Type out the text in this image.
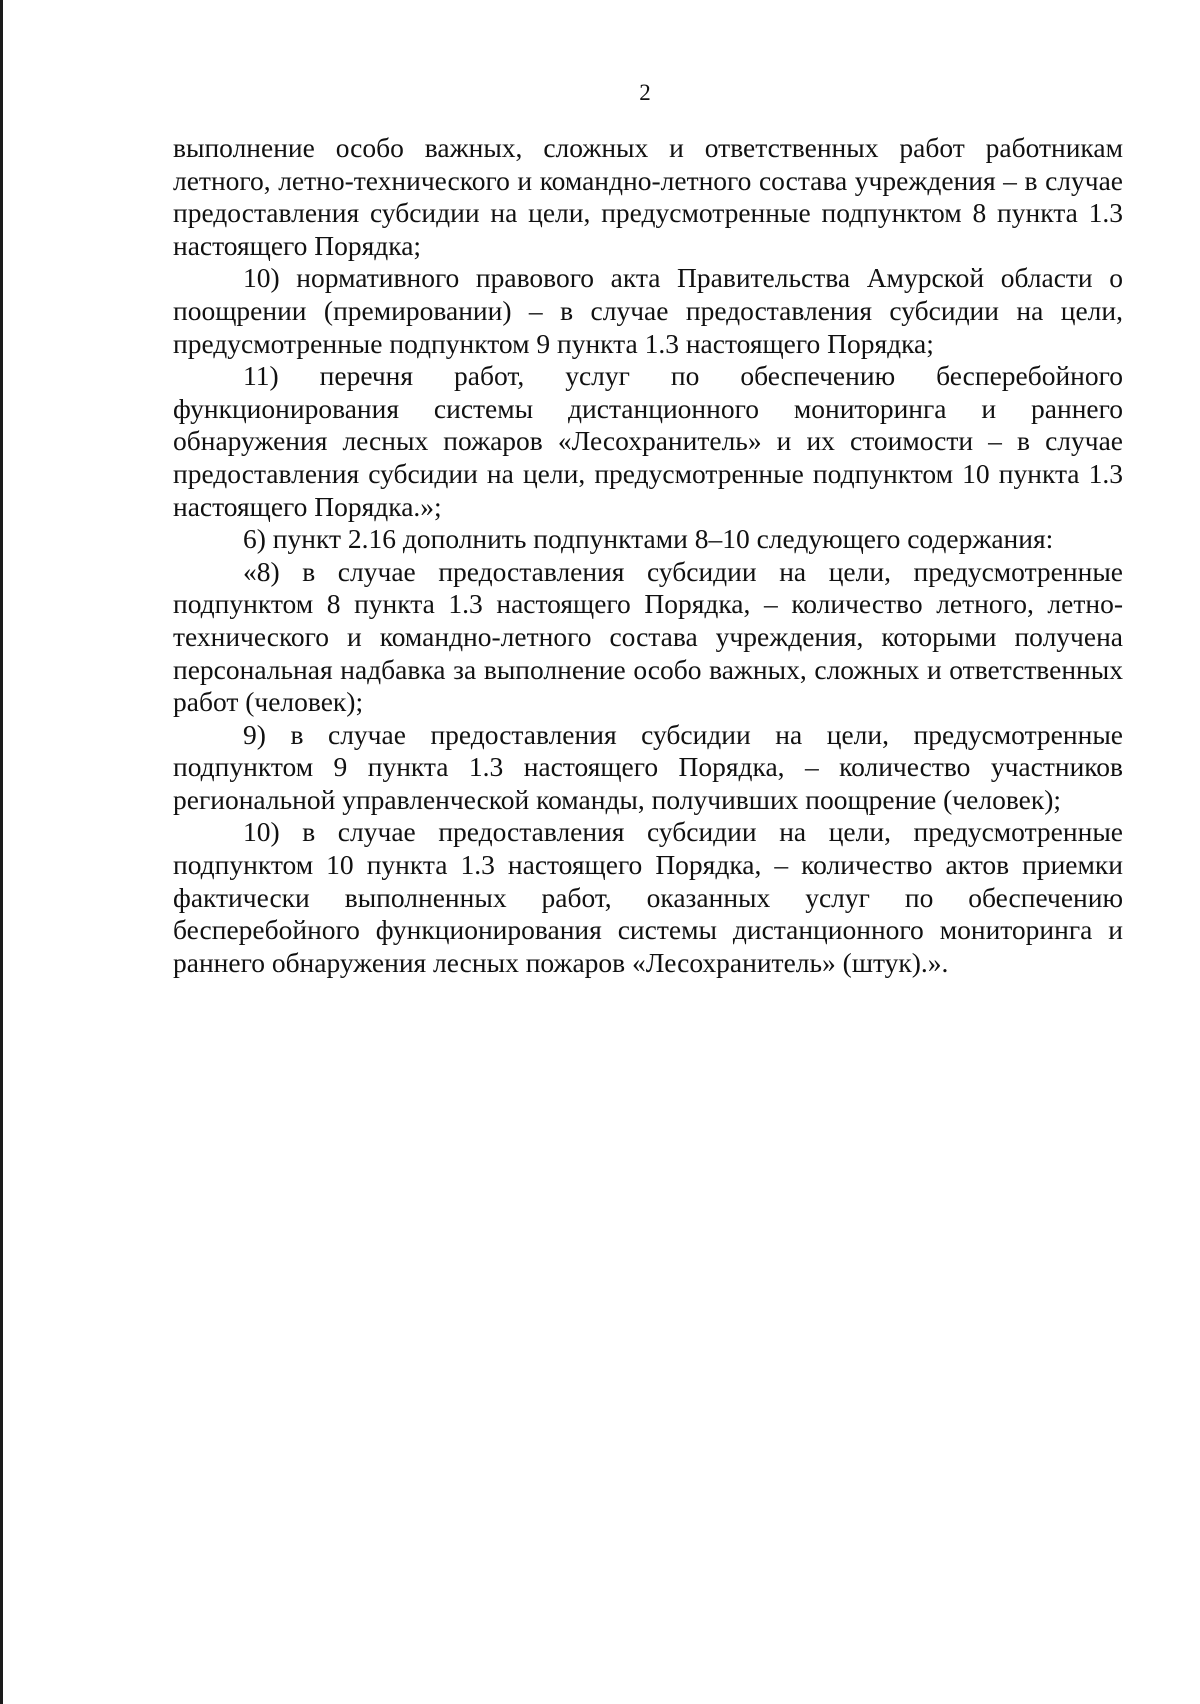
2

выполнение особо важных, сложных и ответственных работ работникам летного, летно-технического и командно-летного состава учреждения – в случае предоставления субсидии на цели, предусмотренные подпунктом 8 пункта 1.3 настоящего Порядка;

10) нормативного правового акта Правительства Амурской области о поощрении (премировании) – в случае предоставления субсидии на цели, предусмотренные подпунктом 9 пункта 1.3 настоящего Порядка;

11) перечня работ, услуг по обеспечению бесперебойного функционирования системы дистанционного мониторинга и раннего обнаружения лесных пожаров «Лесохранитель» и их стоимости – в случае предоставления субсидии на цели, предусмотренные подпунктом 10 пункта 1.3 настоящего Порядка.»;

6) пункт 2.16 дополнить подпунктами 8–10 следующего содержания:

«8) в случае предоставления субсидии на цели, предусмотренные подпунктом 8 пункта 1.3 настоящего Порядка, – количество летного, летно-технического и командно-летного состава учреждения, которыми получена персональная надбавка за выполнение особо важных, сложных и ответственных работ (человек);

9) в случае предоставления субсидии на цели, предусмотренные подпунктом 9 пункта 1.3 настоящего Порядка, – количество участников региональной управленческой команды, получивших поощрение (человек);

10) в случае предоставления субсидии на цели, предусмотренные подпунктом 10 пункта 1.3 настоящего Порядка, – количество актов приемки фактически выполненных работ, оказанных услуг по обеспечению бесперебойного функционирования системы дистанционного мониторинга и раннего обнаружения лесных пожаров «Лесохранитель» (штук).».
